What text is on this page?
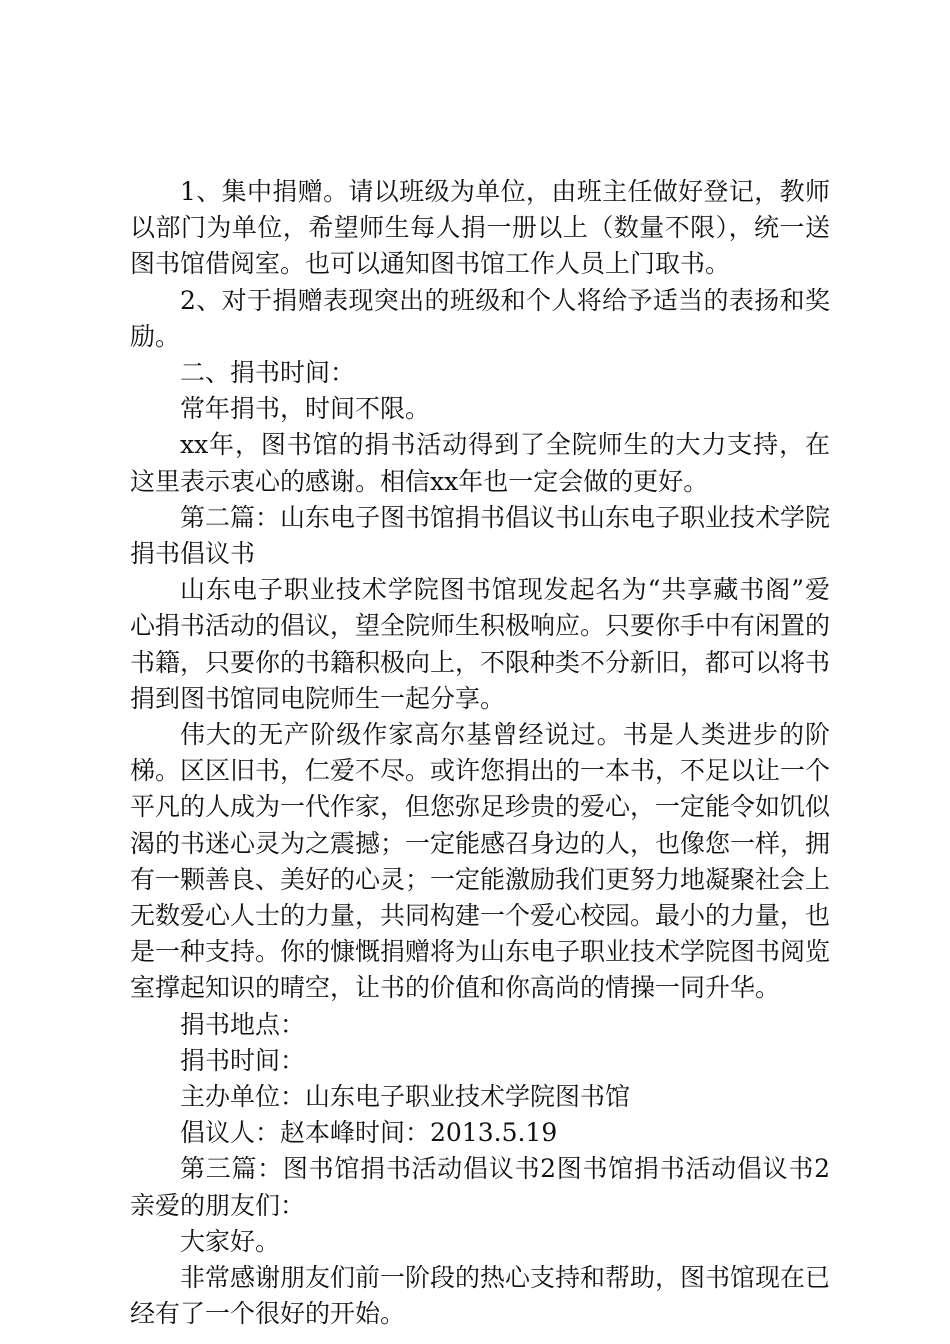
1、集中捐赠。请以班级为单位，由班主任做好登记，教师以部门为单位，希望师生每人捐一册以上（数量不限），统一送图书馆借阅室。也可以通知图书馆工作人员上门取书。

2、对于捐赠表现突出的班级和个人将给予适当的表扬和奖励。

二、捐书时间：

常年捐书，时间不限。

xx年，图书馆的捐书活动得到了全院师生的大力支持，在这里表示衷心的感谢。相信xx年也一定会做的更好。

第二篇：山东电子图书馆捐书倡议书山东电子职业技术学院捐书倡议书

山东电子职业技术学院图书馆现发起名为“共享藏书阁”爱心捐书活动的倡议，望全院师生积极响应。只要你手中有闲置的书籍，只要你的书籍积极向上，不限种类不分新旧，都可以将书捐到图书馆同电院师生一起分享。

伟大的无产阶级作家高尔基曾经说过。书是人类进步的阶梯。区区旧书，仁爱不尽。或许您捐出的一本书，不足以让一个平凡的人成为一代作家，但您弥足珍贵的爱心，一定能令如饥似渴的书迷心灵为之震撼；一定能感召身边的人，也像您一样，拥有一颗善良、美好的心灵；一定能激励我们更努力地凝聚社会上无数爱心人士的力量，共同构建一个爱心校园。最小的力量，也是一种支持。你的慷慨捐赠将为山东电子职业技术学院图书阅览室撑起知识的晴空，让书的价值和你高尚的情操一同升华。

捐书地点：

捐书时间：

主办单位：山东电子职业技术学院图书馆

倡议人：赵本峰时间：2013.5.19

第三篇：图书馆捐书活动倡议书2图书馆捐书活动倡议书2亲爱的朋友们：

大家好。

非常感谢朋友们前一阶段的热心支持和帮助，图书馆现在已经有了一个很好的开始。
